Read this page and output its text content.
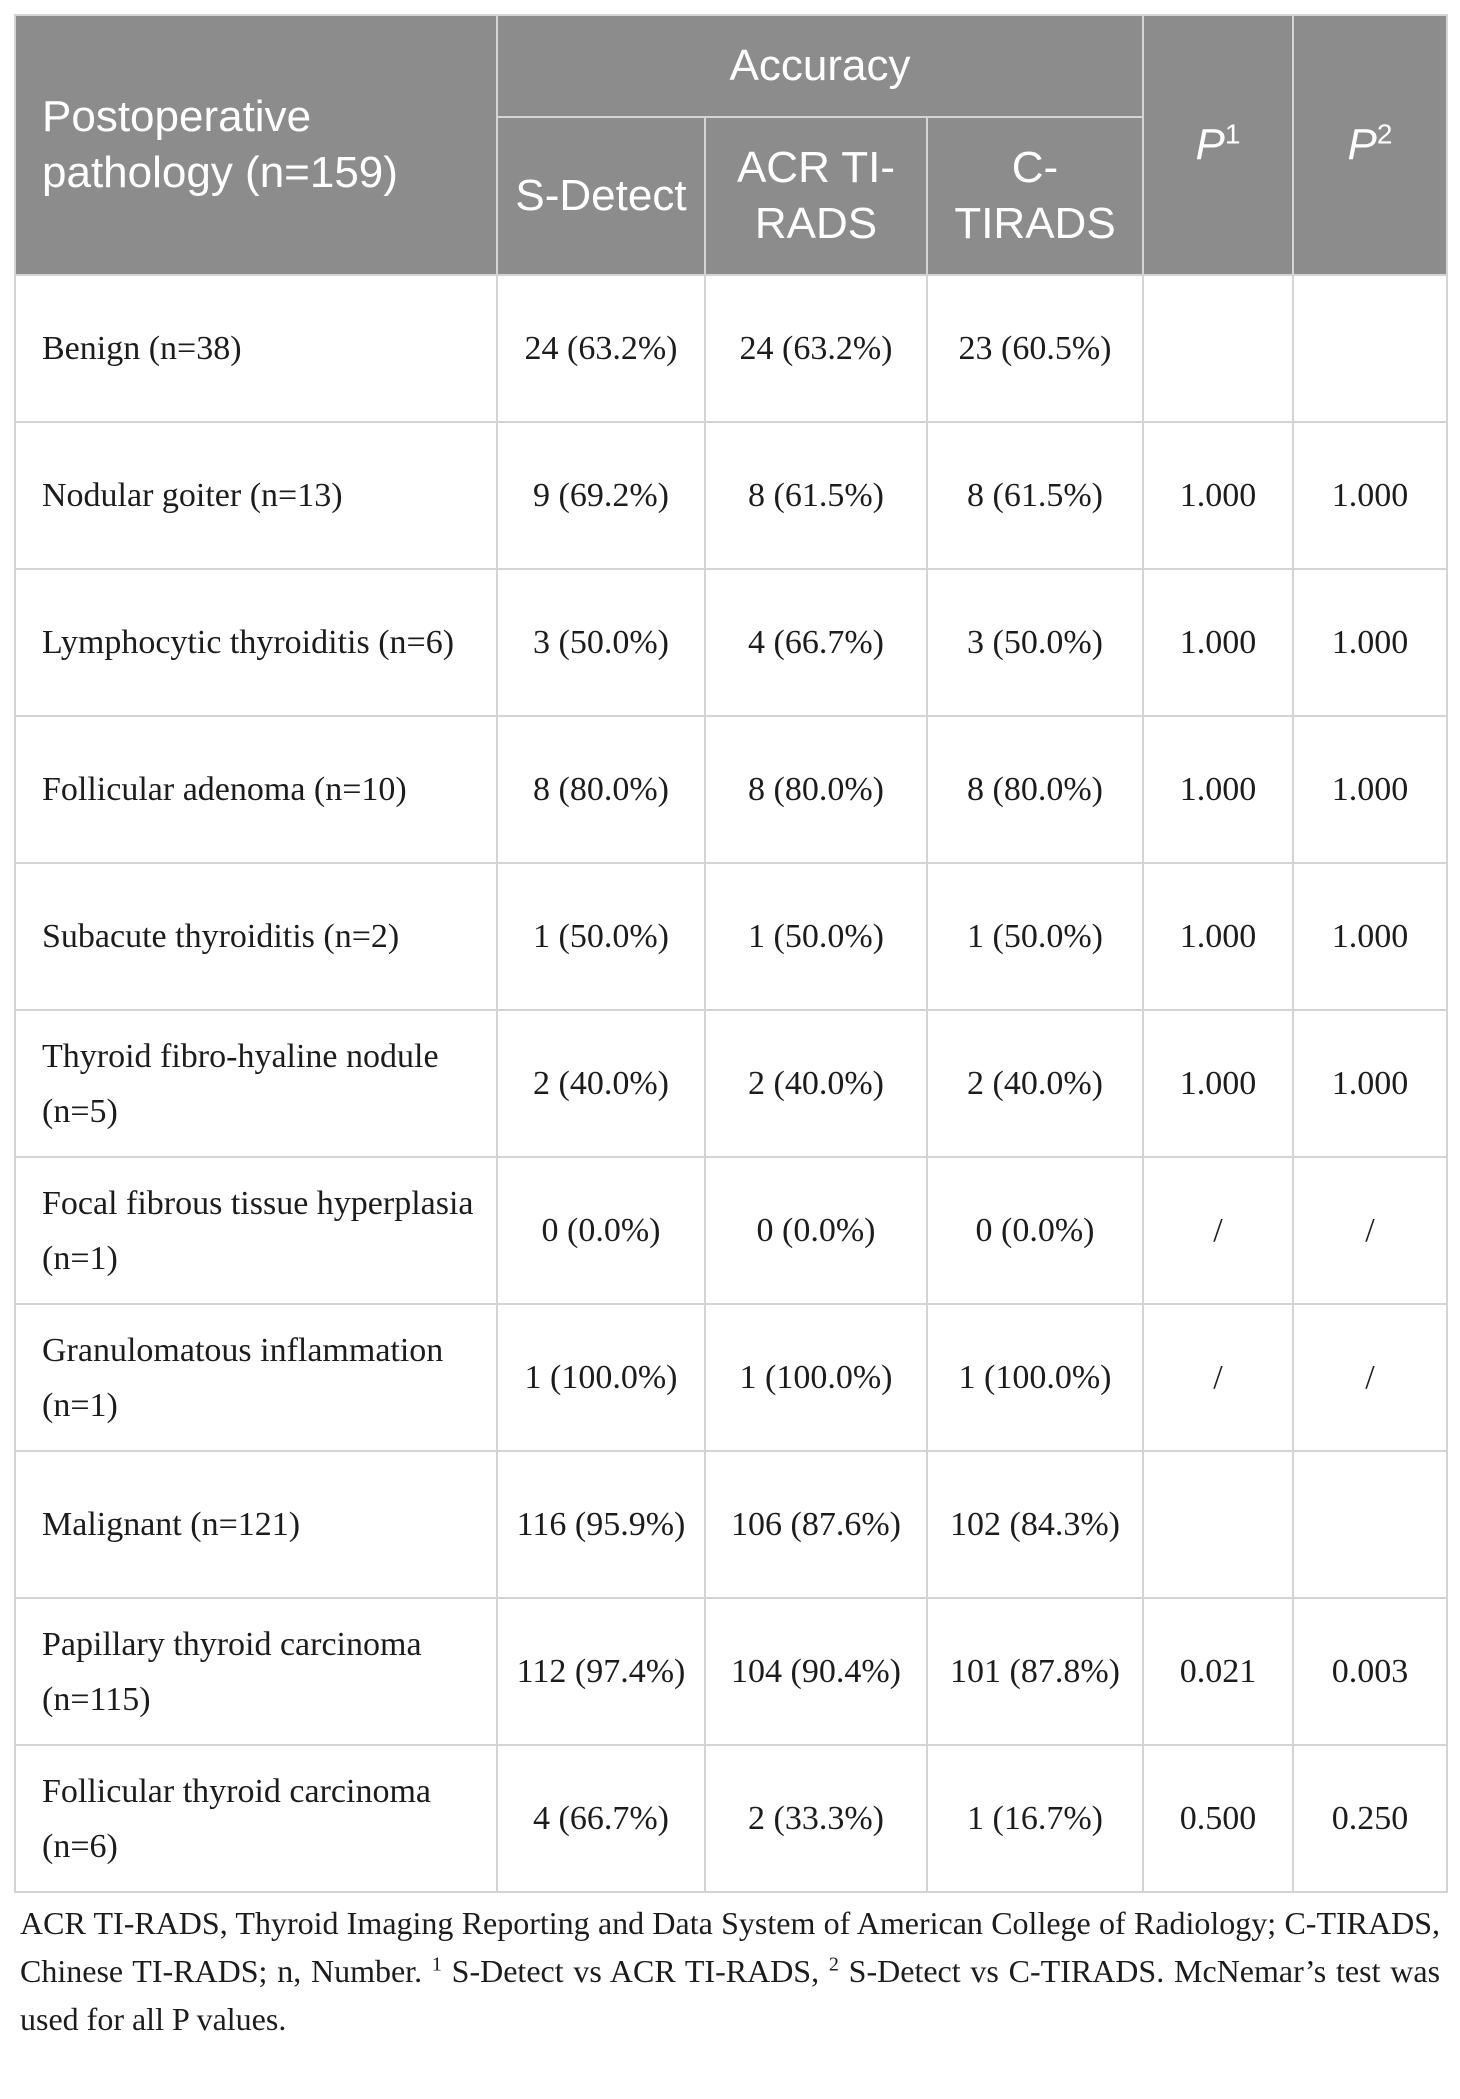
Postoperative pathology (n=159)	Accuracy			$P^1$	$P^2$
	S-Detect	ACR TI-RADS	C-TIRADS		
Benign (n=38)	24 (63.2%)	24 (63.2%)	23 (60.5%)		
Nodular goiter (n=13)	9 (69.2%)	8 (61.5%)	8 (61.5%)	1.000	1.000
Lymphocytic thyroiditis (n=6)	3 (50.0%)	4 (66.7%)	3 (50.0%)	1.000	1.000
Follicular adenoma (n=10)	8 (80.0%)	8 (80.0%)	8 (80.0%)	1.000	1.000
Subacute thyroiditis (n=2)	1 (50.0%)	1 (50.0%)	1 (50.0%)	1.000	1.000
Thyroid fibro-hyaline nodule (n=5)	2 (40.0%)	2 (40.0%)	2 (40.0%)	1.000	1.000
Focal fibrous tissue hyperplasia (n=1)	0 (0.0%)	0 (0.0%)	0 (0.0%)	/	/
Granulomatous inflammation (n=1)	1 (100.0%)	1 (100.0%)	1 (100.0%)	/	/
Malignant (n=121)	116 (95.9%)	106 (87.6%)	102 (84.3%)		
Papillary thyroid carcinoma (n=115)	112 (97.4%)	104 (90.4%)	101 (87.8%)	0.021	0.003
Follicular thyroid carcinoma (n=6)	4 (66.7%)	2 (33.3%)	1 (16.7%)	0.500	0.250
ACR TI-RADS, Thyroid Imaging Reporting and Data System of American College of Radiology; C-TIRADS, Chinese TI-RADS; n, Number. $^1$ S-Detect vs ACR TI-RADS, $^2$ S-Detect vs C-TIRADS. McNemar’s test was used for all P values.
